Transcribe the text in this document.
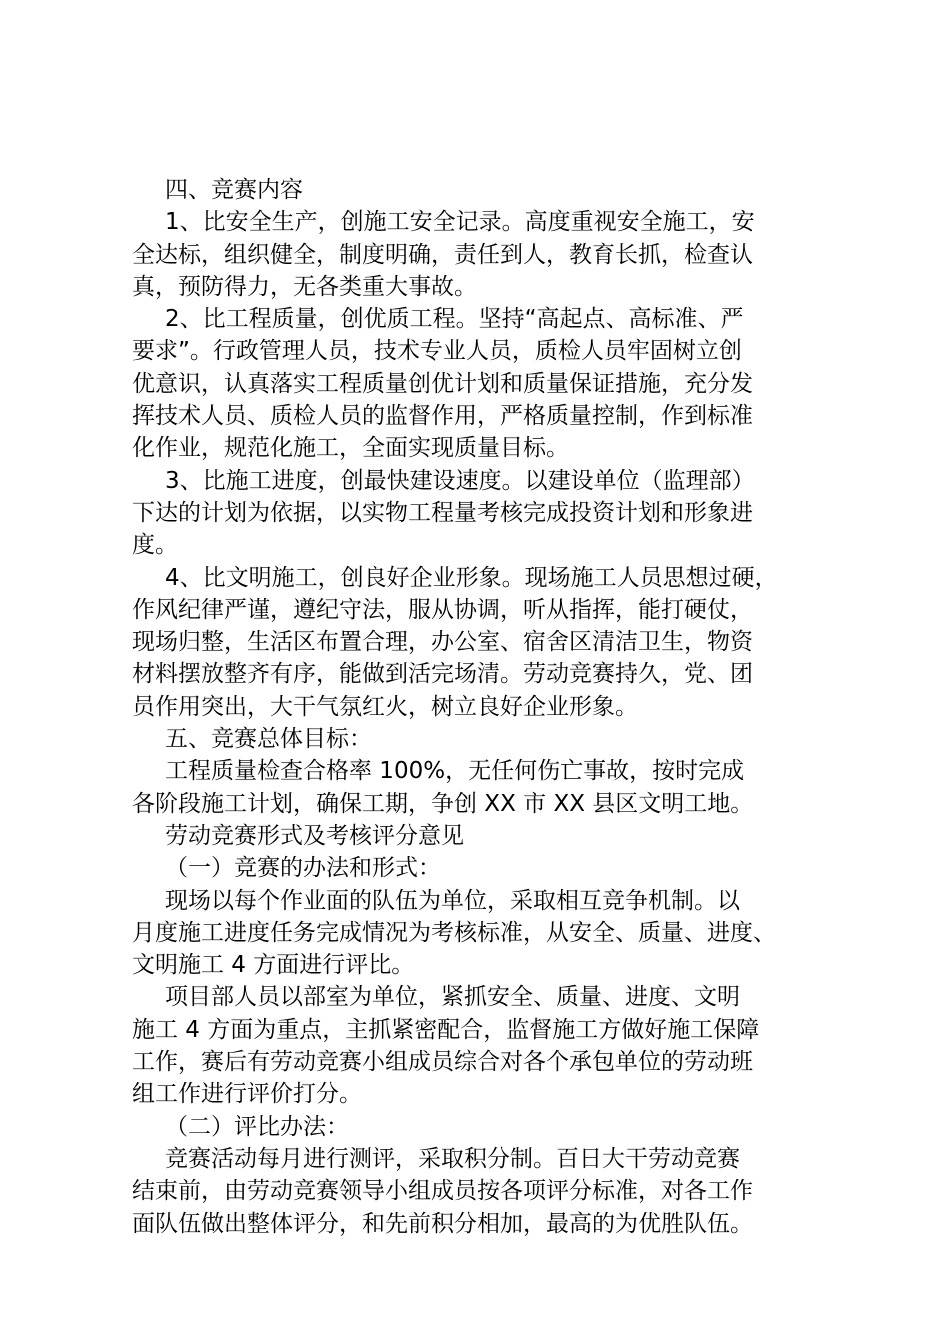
四、竞赛内容
1、比安全生产，创施工安全记录。高度重视安全施工，安
全达标，组织健全，制度明确，责任到人，教育长抓，检查认
真，预防得力，无各类重大事故。
2、比工程质量，创优质工程。坚持“高起点、高标准、严
要求”。行政管理人员，技术专业人员，质检人员牢固树立创
优意识，认真落实工程质量创优计划和质量保证措施，充分发
挥技术人员、质检人员的监督作用，严格质量控制，作到标准
化作业，规范化施工，全面实现质量目标。
3、比施工进度，创最快建设速度。以建设单位（监理部）
下达的计划为依据，以实物工程量考核完成投资计划和形象进
度。
4、比文明施工，创良好企业形象。现场施工人员思想过硬，
作风纪律严谨，遵纪守法，服从协调，听从指挥，能打硬仗，
现场归整，生活区布置合理，办公室、宿舍区清洁卫生，物资
材料摆放整齐有序，能做到活完场清。劳动竞赛持久，党、团
员作用突出，大干气氛红火，树立良好企业形象。
五、竞赛总体目标：
工程质量检查合格率 100%，无任何伤亡事故，按时完成
各阶段施工计划，确保工期，争创 XX 市 XX 县区文明工地。
劳动竞赛形式及考核评分意见
（一）竞赛的办法和形式：
现场以每个作业面的队伍为单位，采取相互竞争机制。以
月度施工进度任务完成情况为考核标准，从安全、质量、进度、
文明施工 4 方面进行评比。
项目部人员以部室为单位，紧抓安全、质量、进度、文明
施工 4 方面为重点，主抓紧密配合，监督施工方做好施工保障
工作，赛后有劳动竞赛小组成员综合对各个承包单位的劳动班
组工作进行评价打分。
（二）评比办法：
竞赛活动每月进行测评，采取积分制。百日大干劳动竞赛
结束前，由劳动竞赛领导小组成员按各项评分标准，对各工作
面队伍做出整体评分，和先前积分相加，最高的为优胜队伍。
